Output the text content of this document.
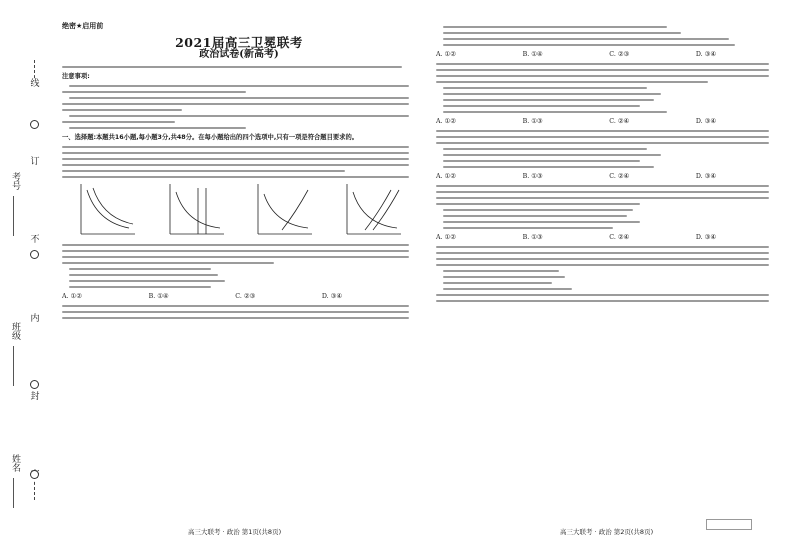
线
订
不
内
封
考号
班级
姓名
绝密★启用前
2021届高三卫冕联考
政治试卷(新高考)
注意事项:
一、选择题:本题共16小题,每小题3分,共48分。在每小题给出的四个选项中,只有一项是符合题目要求的。
A. ①②	B. ①④	C. ②③	D. ③④
A. ①②	B. ①④	C. ②③	D. ③④
A. ①②	B. ①③	C. ②④	D. ③④
A. ①②	B. ①③	C. ②④	D. ③④
A. ①②	B. ①③	C. ②④	D. ③④
高三大联考 · 政治 第1页(共8页)	高三大联考 · 政治 第2页(共8页)
